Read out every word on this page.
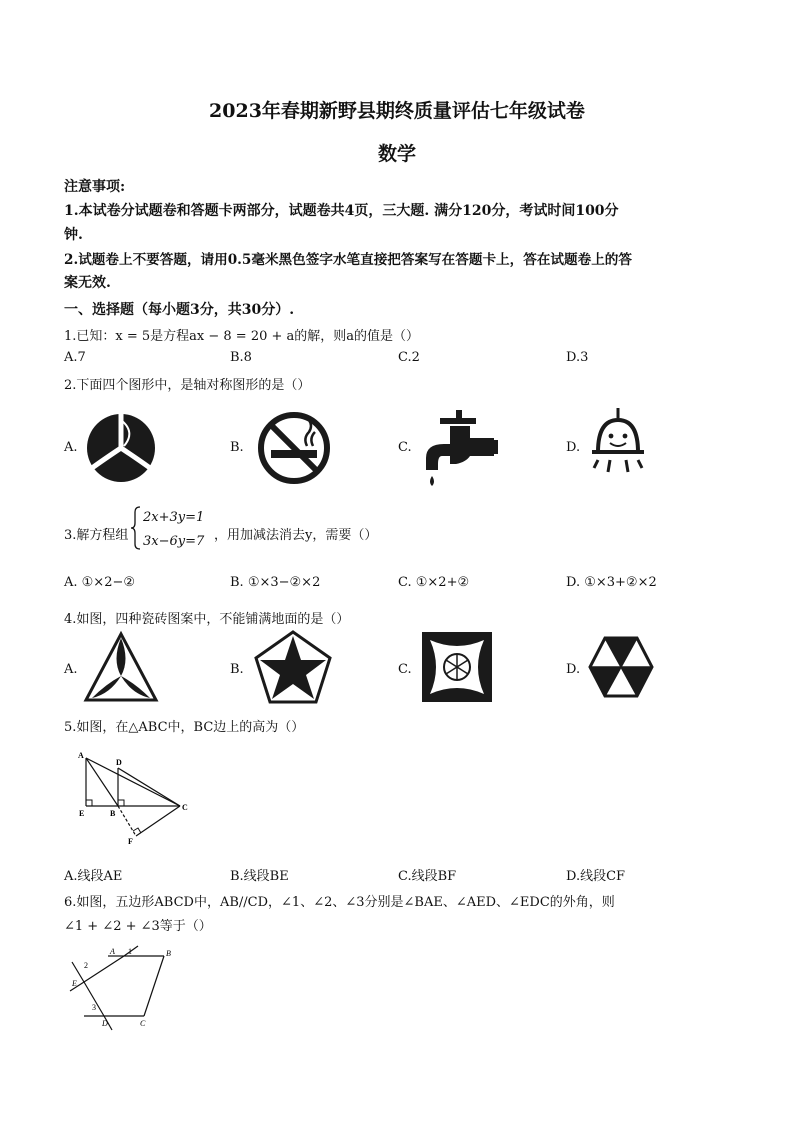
2023年春期新野县期终质量评估七年级试卷
数学
注意事项:
1.本试卷分试题卷和答题卡两部分，试题卷共4页，三大题. 满分120分，考试时间100分
钟.
2.试题卷上不要答题，请用0.5毫米黑色签字水笔直接把答案写在答题卡上，答在试题卷上的答
案无效.
一、选择题（每小题3分，共30分）.
1.已知：x = 5是方程ax − 8 = 20 + a的解，则a的值是（）
A.7	B.8	C.2	D.3
2.下面四个图形中，是轴对称图形的是（）
A.	B.	C.	D.
3.解方程组
2x+3y=1
3x−6y=7 ，用加减法消去y，需要（）
A. ①×2−②	B. ①×3−②×2	C. ①×2+②	D. ①×3+②×2
4.如图，四种瓷砖图案中，不能铺满地面的是（）
A.	B.	C.	D.
5.如图，在△ABC中，BC边上的高为（）
A
D
E	B
C
F
A.线段AE	B.线段BE	C.线段BF	D.线段CF
6.如图，五边形ABCD中，AB//CD，∠1、∠2、∠3分别是∠BAE、∠AED、∠EDC的外角，则
∠1 + ∠2 + ∠3等于（）
A 1	B
2
E
3
D	C
